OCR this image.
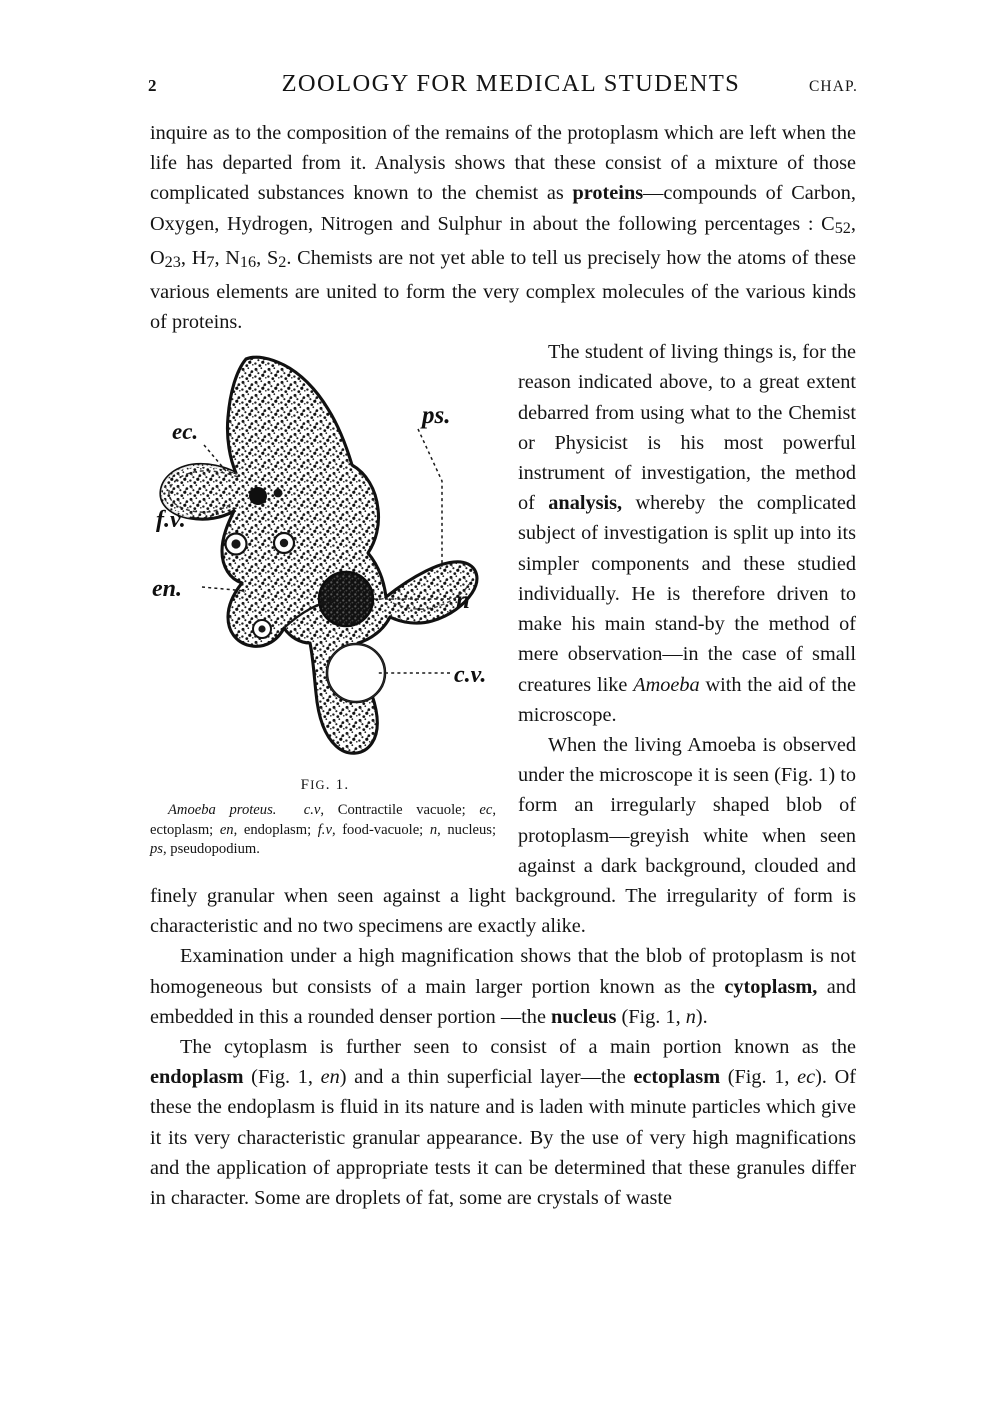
2	ZOOLOGY FOR MEDICAL STUDENTS	CHAP.

inquire as to the composition of the remains of the protoplasm which are left when the life has departed from it. Analysis shows that these consist of a mixture of those complicated substances known to the chemist as proteins—compounds of Carbon, Oxygen, Hydrogen, Nitrogen and Sulphur in about the following percentages : C52, O23, H7, N16, S2. Chemists are not yet able to tell us precisely how the atoms of these various elements are united to form the very complex molecules of the various kinds of proteins.

ps.
ec.
f.v.
en.	n
c.v.
FIG. 1.
Amoeba proteus. c.v, Contractile vacuole; ec, ectoplasm; en, endoplasm; f.v, food-vacuole; n, nucleus; ps, pseudopodium.

The student of living things is, for the reason indicated above, to a great extent debarred from using what to the Chemist or Physicist is his most powerful instrument of investigation, the method of analysis, whereby the complicated subject of investigation is split up into its simpler components and these studied individually. He is therefore driven to make his main stand-by the method of mere observation—in the case of small creatures like Amoeba with the aid of the microscope.

When the living Amoeba is observed under the microscope it is seen (Fig. 1) to form an irregularly shaped blob of protoplasm—greyish white when seen against a dark background, clouded and finely granular when seen against a light background. The irregularity of form is characteristic and no two specimens are exactly alike.

Examination under a high magnification shows that the blob of protoplasm is not homogeneous but consists of a main larger portion known as the cytoplasm, and embedded in this a rounded denser portion —the nucleus (Fig. 1, n).

The cytoplasm is further seen to consist of a main portion known as the endoplasm (Fig. 1, en) and a thin superficial layer—the ectoplasm (Fig. 1, ec). Of these the endoplasm is fluid in its nature and is laden with minute particles which give it its very characteristic granular appearance. By the use of very high magnifications and the application of appropriate tests it can be determined that these granules differ in character. Some are droplets of fat, some are crystals of waste
